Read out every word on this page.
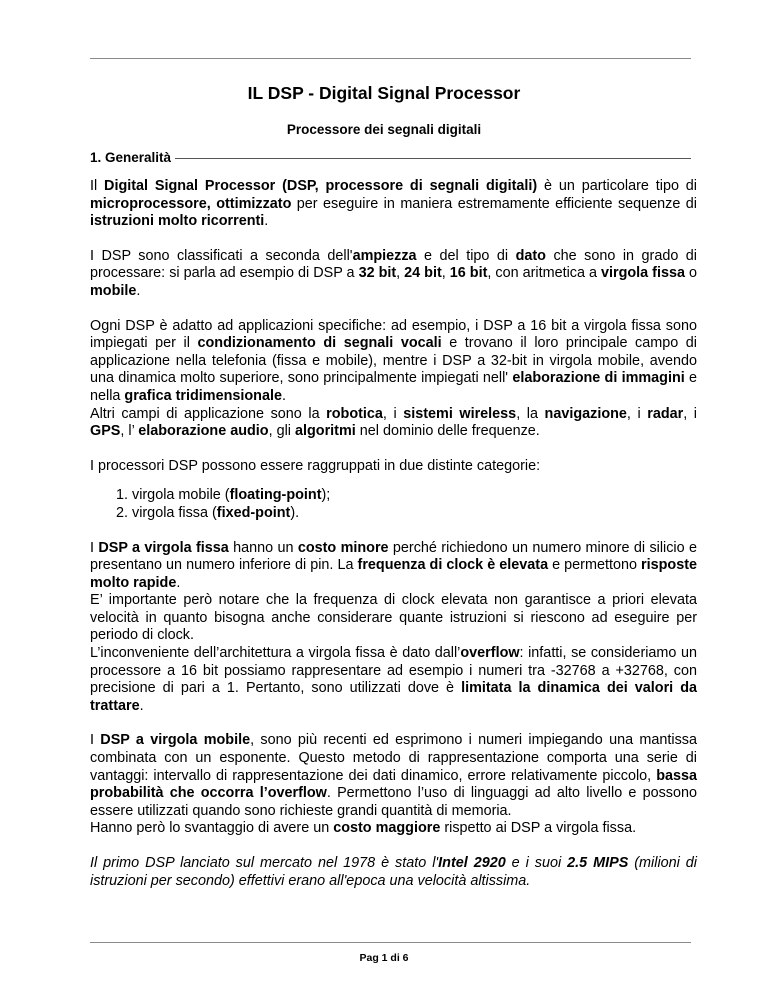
IL DSP - Digital Signal Processor
Processore dei segnali digitali
1. Generalità

Il Digital Signal Processor (DSP, processore di segnali digitali) è un particolare tipo di microprocessore, ottimizzato per eseguire in maniera estremamente efficiente sequenze di istruzioni molto ricorrenti.

I DSP sono classificati a seconda dell'ampiezza e del tipo di dato che sono in grado di processare: si parla ad esempio di DSP a 32 bit, 24 bit, 16 bit, con aritmetica a virgola fissa o mobile.

Ogni DSP è adatto ad applicazioni specifiche: ad esempio, i DSP a 16 bit a virgola fissa sono impiegati per il condizionamento di segnali vocali e trovano il loro principale campo di applicazione nella telefonia (fissa e mobile), mentre i DSP a 32-bit in virgola mobile, avendo una dinamica molto superiore, sono principalmente impiegati nell' elaborazione di immagini e nella grafica tridimensionale.
Altri campi di applicazione sono la robotica, i sistemi wireless, la navigazione, i radar, i GPS, l’ elaborazione audio, gli algoritmi nel dominio delle frequenze.

I processori DSP possono essere raggruppati in due distinte categorie:

1. virgola mobile (floating-point);
2. virgola fissa (fixed-point).

I DSP a virgola fissa hanno un costo minore perché richiedono un numero minore di silicio e presentano un numero inferiore di pin. La frequenza di clock è elevata e permettono risposte molto rapide.
E’ importante però notare che la frequenza di clock elevata non garantisce a priori elevata velocità in quanto bisogna anche considerare quante istruzioni si riescono ad eseguire per periodo di clock.
L’inconveniente dell’architettura a virgola fissa è dato dall’overflow: infatti, se consideriamo un processore a 16 bit possiamo rappresentare ad esempio i numeri tra -32768 a +32768, con precisione di pari a 1. Pertanto, sono utilizzati dove è limitata la dinamica dei valori da trattare.

I DSP a virgola mobile, sono più recenti ed esprimono i numeri impiegando una mantissa combinata con un esponente. Questo metodo di rappresentazione comporta una serie di vantaggi: intervallo di rappresentazione dei dati dinamico, errore relativamente piccolo, bassa probabilità che occorra l’overflow. Permettono l’uso di linguaggi ad alto livello e possono essere utilizzati quando sono richieste grandi quantità di memoria.
Hanno però lo svantaggio di avere un costo maggiore rispetto ai DSP a virgola fissa.

Il primo DSP lanciato sul mercato nel 1978 è stato l'Intel 2920 e i suoi 2.5 MIPS (milioni di istruzioni per secondo) effettivi erano all'epoca una velocità altissima.

Pag 1 di 6
